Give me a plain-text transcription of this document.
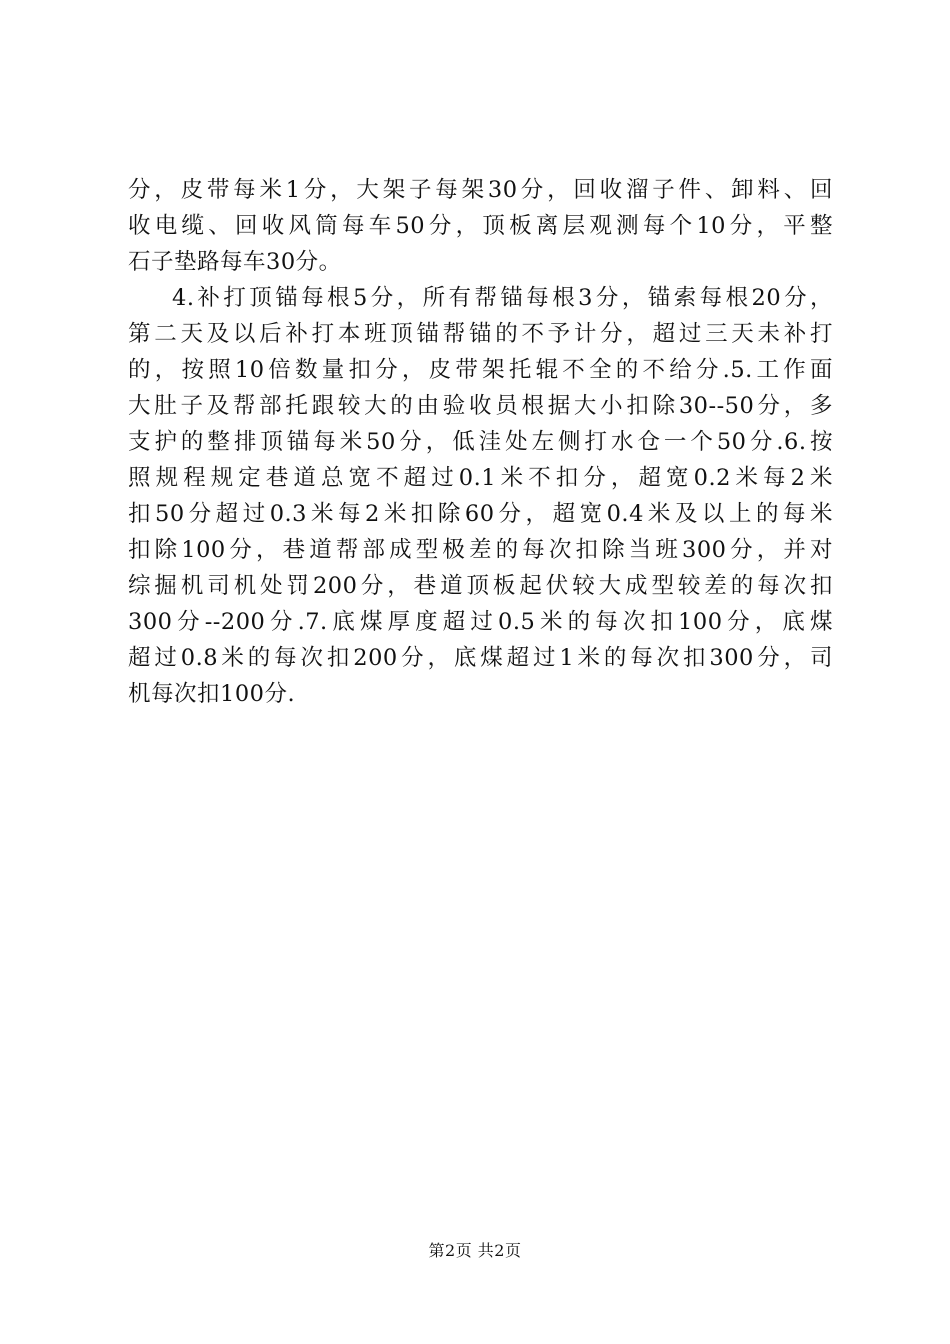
分，皮带每米1分，大架子每架30分，回收溜子件、卸料、回
收电缆、回收风筒每车50分，顶板离层观测每个10分，平整
石子垫路每车30分。
4.补打顶锚每根5分，所有帮锚每根3分，锚索每根20分，
第二天及以后补打本班顶锚帮锚的不予计分，超过三天未补打
的，按照10倍数量扣分，皮带架托辊不全的不给分.5.工作面
大肚子及帮部托跟较大的由验收员根据大小扣除30--50分，多
支护的整排顶锚每米50分，低洼处左侧打水仓一个50分.6.按
照规程规定巷道总宽不超过0.1米不扣分，超宽0.2米每2米
扣50分超过0.3米每2米扣除60分，超宽0.4米及以上的每米
扣除100分，巷道帮部成型极差的每次扣除当班300分，并对
综掘机司机处罚200分，巷道顶板起伏较大成型较差的每次扣
300分--200分.7.底煤厚度超过0.5米的每次扣100分，底煤
超过0.8米的每次扣200分，底煤超过1米的每次扣300分，司
机每次扣100分.
第2页 共2页
